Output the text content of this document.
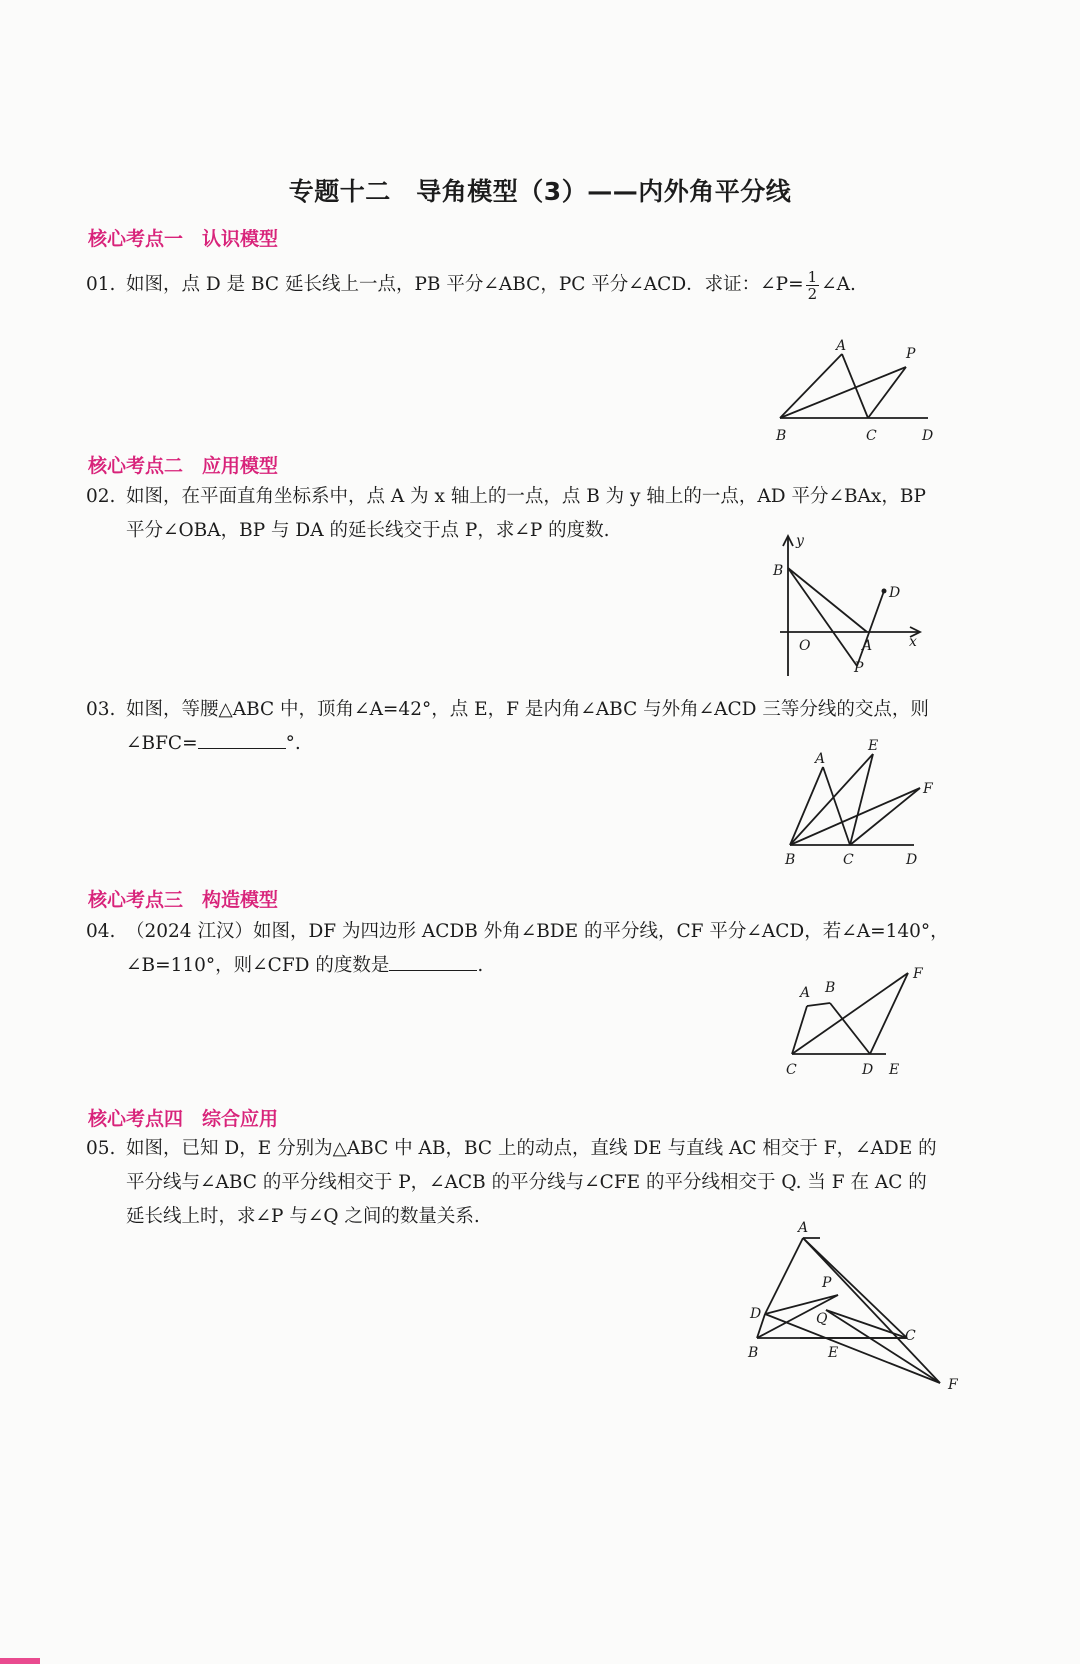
专题十二　导角模型（3）——内外角平分线
核心考点一　认识模型
01. 如图，点 D 是 BC 延长线上一点，PB 平分∠ABC，PC 平分∠ACD．求证：∠P= $\frac{1}{2}$ ∠A.
A	P
B	C	D
核心考点二　应用模型
02. 如图，在平面直角坐标系中，点 A 为 x 轴上的一点，点 B 为 y 轴上的一点，AD 平分∠BAx，BP
平分∠OBA，BP 与 DA 的延长线交于点 P，求∠P 的度数.	y
B
D
O	A	x
P
03. 如图，等腰△ABC 中，顶角∠A=42°，点 E，F 是内角∠ABC 与外角∠ACD 三等分线的交点，则
∠BFC=	°.
A
E
F
B	C	D
核心考点三　构造模型
04. （2024 江汉）如图，DF 为四边形 ACDB 外角∠BDE 的平分线，CF 平分∠ACD，若∠A=140°，
∠B=110°，则∠CFD 的度数是	.
A B
F
C	D E
核心考点四　综合应用
05. 如图，已知 D，E 分别为△ABC 中 AB，BC 上的动点，直线 DE 与直线 AC 相交于 F，∠ADE 的
平分线与∠ABC 的平分线相交于 P，∠ACB 的平分线与∠CFE 的平分线相交于 Q. 当 F 在 AC 的
延长线上时，求∠P 与∠Q 之间的数量关系.
A
P
D	Q
C
B	E
F
